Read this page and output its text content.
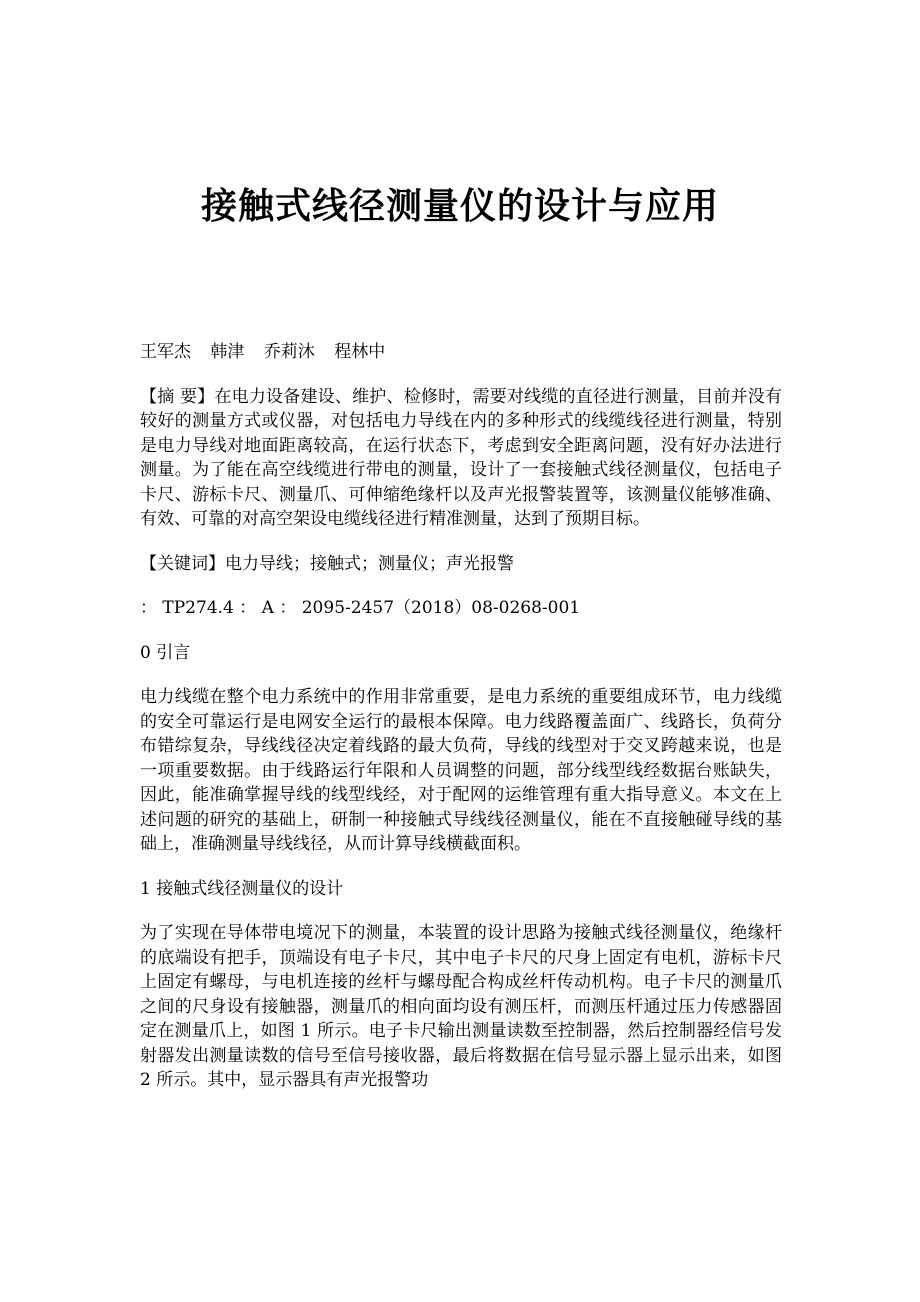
接触式线径测量仪的设计与应用

王军杰 韩津 乔莉沐 程林中

【摘 要】在电力设备建设、维护、检修时，需要对线缆的直径进行测量，目前并没有较好的测量方式或仪器，对包括电力导线在内的多种形式的线缆线径进行测量，特别是电力导线对地面距离较高，在运行状态下，考虑到安全距离问题，没有好办法进行测量。为了能在高空线缆进行带电的测量，设计了一套接触式线径测量仪，包括电子卡尺、游标卡尺、测量爪、可伸缩绝缘杆以及声光报警装置等，该测量仪能够准确、有效、可靠的对高空架设电缆线径进行精准测量，达到了预期目标。

【关键词】电力导线；接触式；测量仪；声光报警

： TP274.4 ： A ： 2095-2457（2018）08-0268-001

0 引言

电力线缆在整个电力系统中的作用非常重要，是电力系统的重要组成环节，电力线缆的安全可靠运行是电网安全运行的最根本保障。电力线路覆盖面广、线路长，负荷分布错综复杂，导线线径决定着线路的最大负荷，导线的线型对于交叉跨越来说，也是一项重要数据。由于线路运行年限和人员调整的问题，部分线型线经数据台账缺失，因此，能准确掌握导线的线型线经，对于配网的运维管理有重大指导意义。本文在上述问题的研究的基础上，研制一种接触式导线线径测量仪，能在不直接触碰导线的基础上，准确测量导线线径，从而计算导线横截面积。

1 接触式线径测量仪的设计

为了实现在导体带电境况下的测量，本装置的设计思路为接触式线径测量仪，绝缘杆的底端设有把手，顶端设有电子卡尺，其中电子卡尺的尺身上固定有电机，游标卡尺上固定有螺母，与电机连接的丝杆与螺母配合构成丝杆传动机构。电子卡尺的测量爪之间的尺身设有接触器，测量爪的相向面均设有测压杆，而测压杆通过压力传感器固定在测量爪上，如图 1 所示。电子卡尺输出测量读数至控制器，然后控制器经信号发射器发出测量读数的信号至信号接收器，最后将数据在信号显示器上显示出来，如图 2 所示。其中，显示器具有声光报警功
